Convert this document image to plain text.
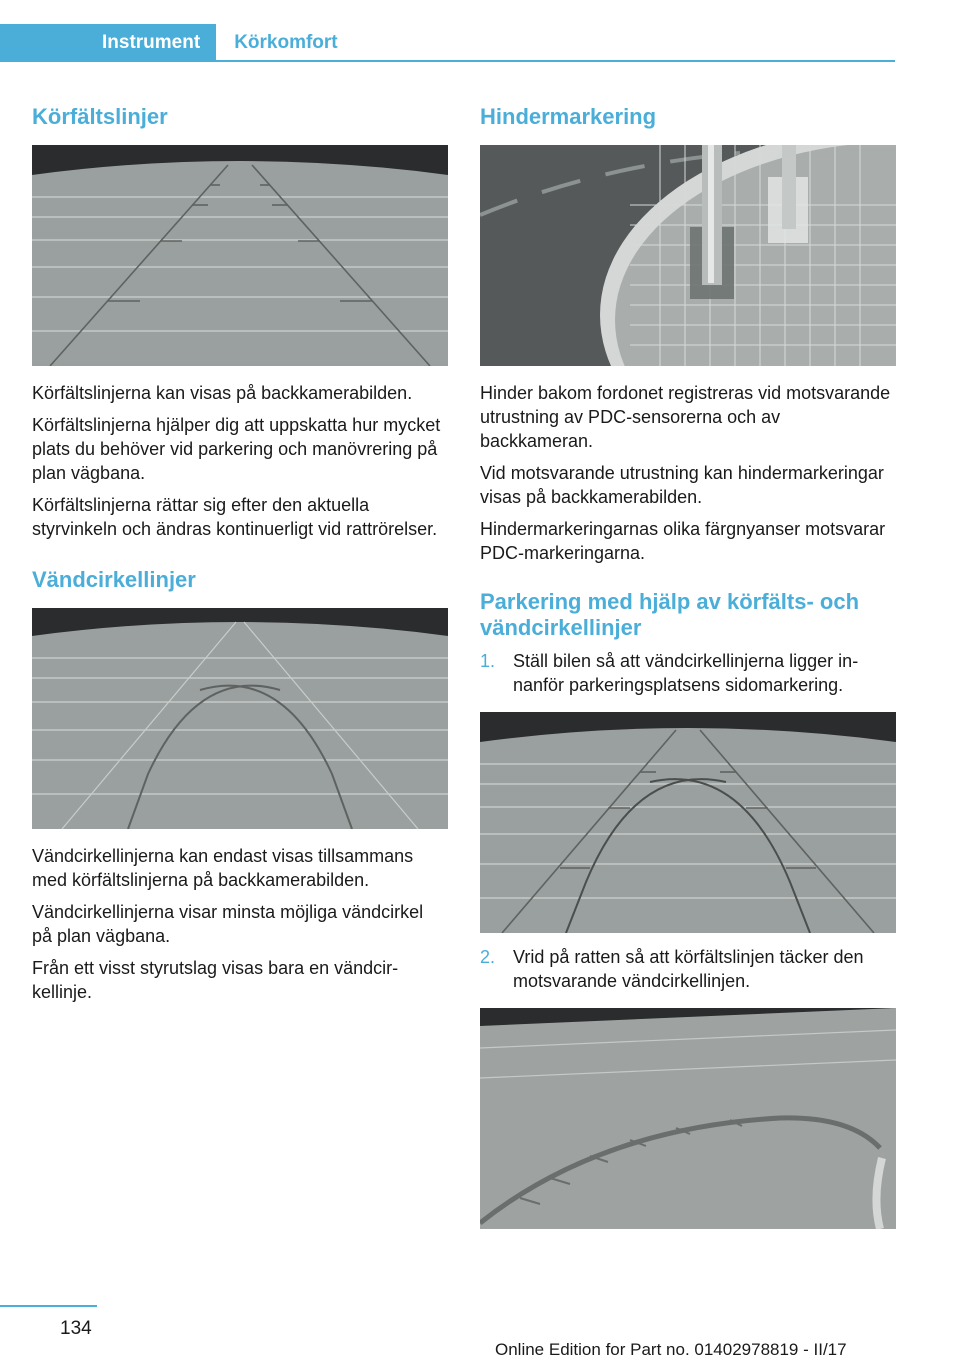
Instrument	Körkomfort
Körfältslinjer

Körfältslinjerna kan visas på backkamerabilden.

Körfältslinjerna hjälper dig att uppskatta hur mycket plats du behöver vid parkering och manövrering på plan vägbana.

Körfältslinjerna rättar sig efter den aktuella styrvinkeln och ändras kontinuerligt vid rattrörelser.

Vändcirkellinjer

Vändcirkellinjerna kan endast visas tillsammans med körfältslinjerna på backkamerabilden.

Vändcirkellinjerna visar minsta möjliga vändcirkel på plan vägbana.

Från ett visst styrutslag visas bara en vändcirkellinje.

Hindermarkering

Hinder bakom fordonet registreras vid motsvarande utrustning av PDC-sensorerna och av backkameran.

Vid motsvarande utrustning kan hindermarkeringar visas på backkamerabilden.

Hindermarkeringarnas olika färgnyanser motsvarar PDC-markeringarna.

Parkering med hjälp av körfälts- och vändcirkellinjer
1. Ställ bilen så att vändcirkellinjerna ligger innanför parkeringsplatsens sidomarkering.
2. Vrid på ratten så att körfältslinjen täcker den motsvarande vändcirkellinjen.
134
Online Edition for Part no. 01402978819 - II/17
